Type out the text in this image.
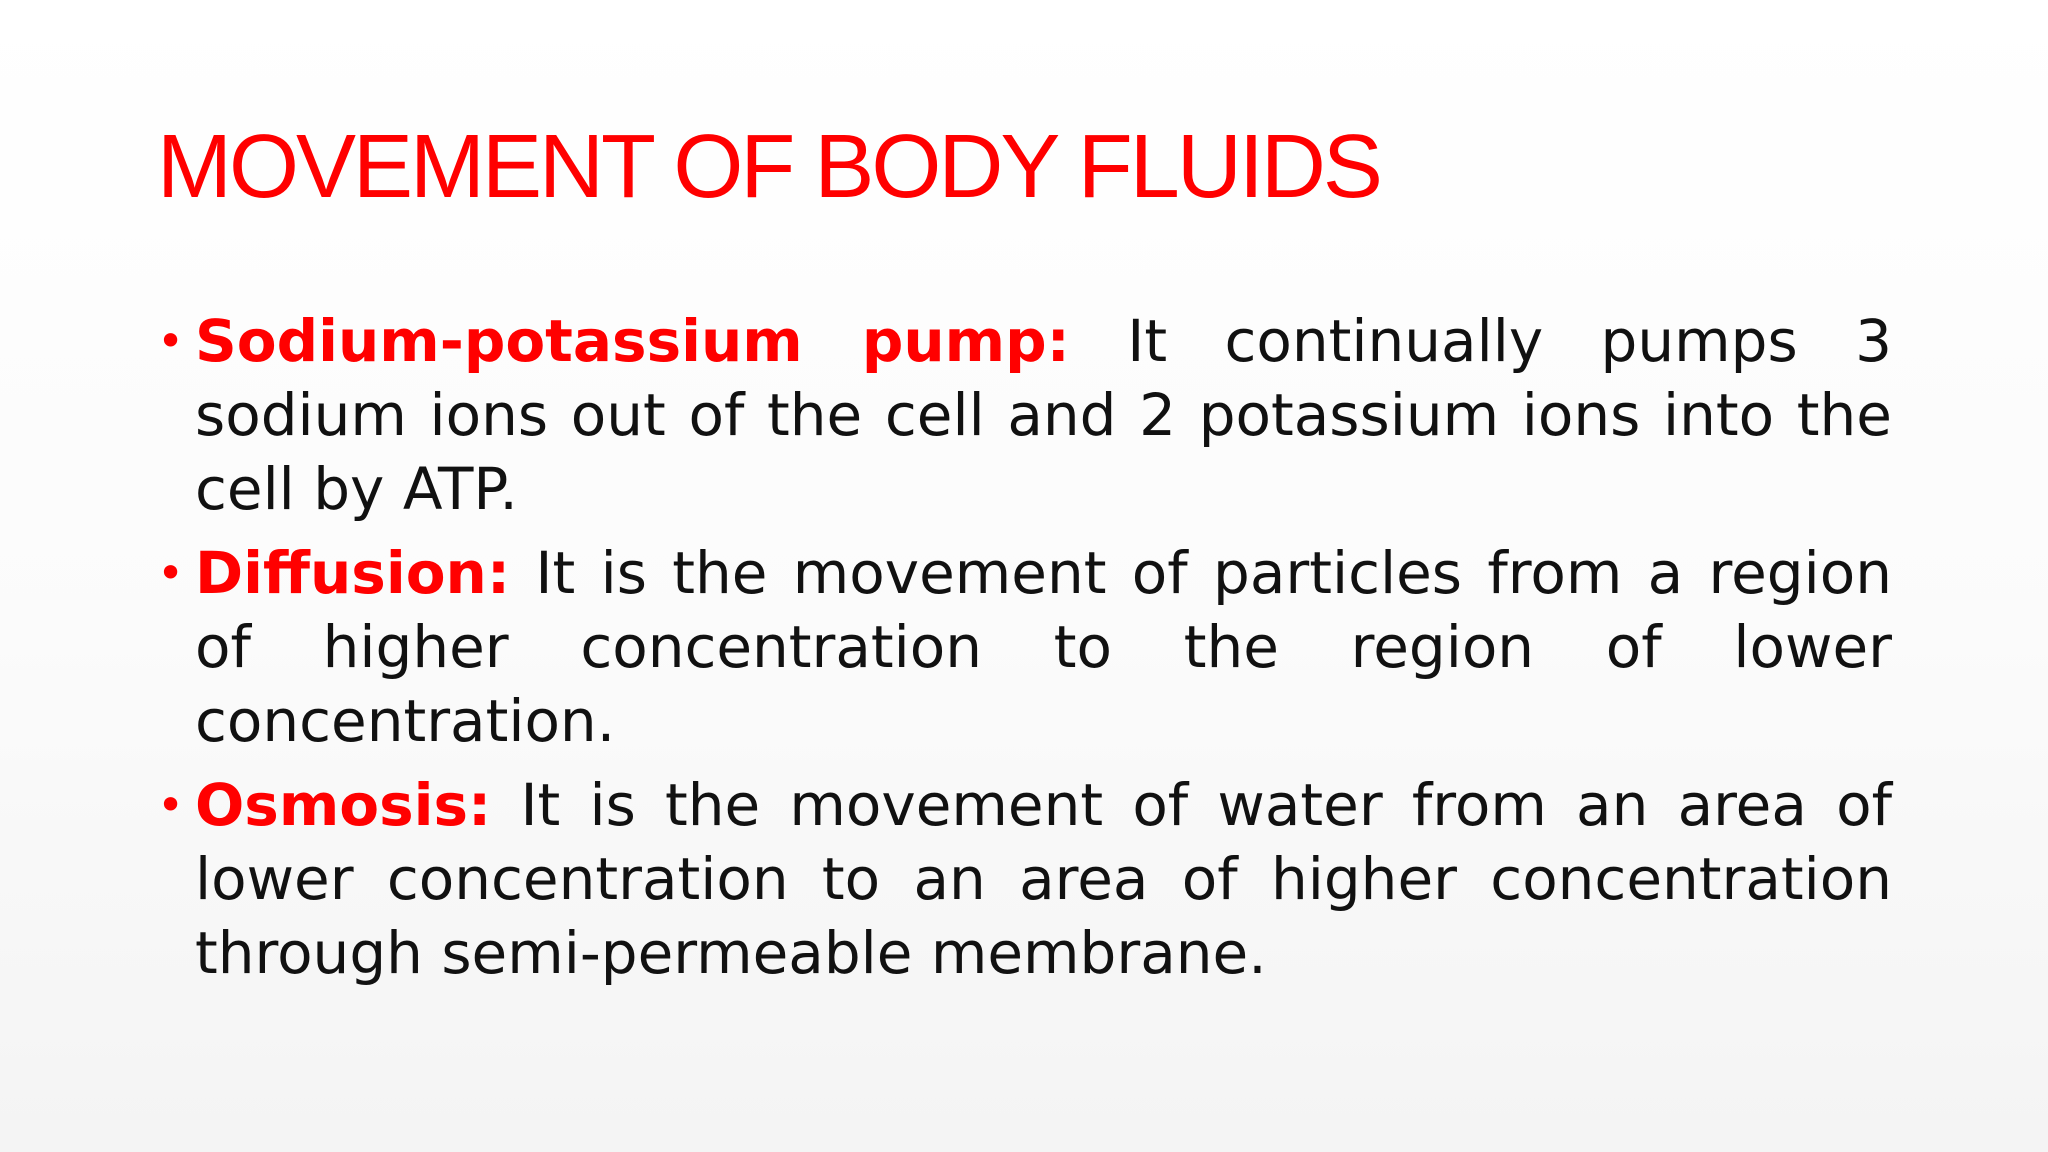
MOVEMENT OF BODY FLUIDS
• Sodium-potassium pump: It continually pumps 3 sodium ions out of the cell and 2 potassium ions into the cell by ATP.
• Diffusion: It is the movement of particles from a region of higher concentration to the region of lower concentration.
• Osmosis: It is the movement of water from an area of lower concentration to an area of higher concentration through semi-permeable membrane.
